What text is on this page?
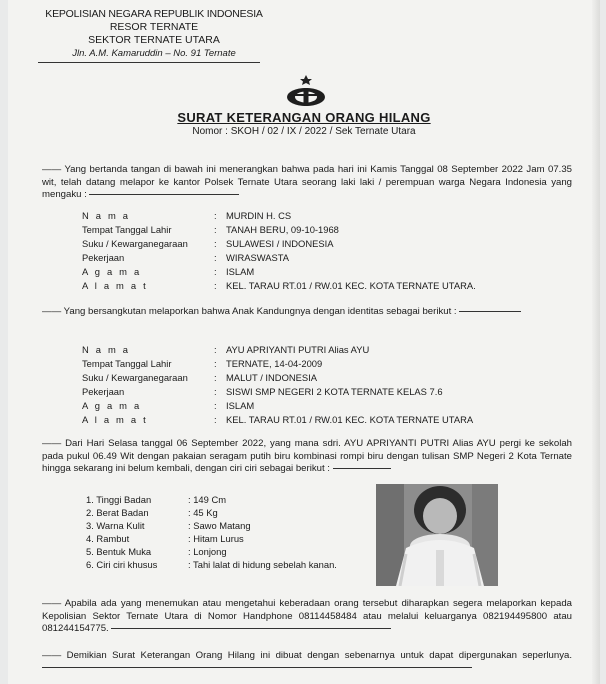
KEPOLISIAN NEGARA REPUBLIK INDONESIA
RESOR TERNATE
SEKTOR TERNATE UTARA
Jln. A.M. Kamaruddin – No. 91 Ternate
SURAT KETERANGAN ORANG HILANG
Nomor : SKOH / 02 / IX / 2022 / Sek Ternate Utara
—— Yang bertanda tangan di bawah ini menerangkan bahwa pada hari ini Kamis Tanggal 08 September 2022 Jam 07.35 wit, telah datang melapor ke kantor Polsek Ternate Utara seorang laki laki / perempuan warga Negara Indonesia yang mengaku :
N a m a	: MURDIN H. CS
Tempat Tanggal Lahir	: TANAH BERU, 09-10-1968
Suku / Kewarganegaraan	: SULAWESI / INDONESIA
Pekerjaan	: WIRASWASTA
A g a m a	: ISLAM
A l a m a t	: KEL. TARAU RT.01 / RW.01 KEC. KOTA TERNATE UTARA.
—— Yang bersangkutan melaporkan bahwa Anak Kandungnya dengan identitas sebagai berikut :
N a m a	: AYU APRIYANTI PUTRI Alias AYU
Tempat Tanggal Lahir	: TERNATE, 14-04-2009
Suku / Kewarganegaraan	: MALUT / INDONESIA
Pekerjaan	: SISWI SMP NEGERI 2 KOTA TERNATE KELAS 7.6
A g a m a	: ISLAM
A l a m a t	: KEL. TARAU RT.01 / RW.01 KEC. KOTA TERNATE UTARA
—— Dari Hari Selasa tanggal 06 September 2022, yang mana sdri. AYU APRIYANTI PUTRI Alias AYU pergi ke sekolah pada pukul 06.49 Wit dengan pakaian seragam putih biru kombinasi rompi biru dengan tulisan SMP Negeri 2 Kota Ternate hingga sekarang ini belum kembali, dengan ciri ciri sebagai berikut :
1. Tinggi Badan	: 149 Cm
2. Berat Badan	: 45 Kg
3. Warna Kulit	: Sawo Matang
4. Rambut	: Hitam Lurus
5. Bentuk Muka	: Lonjong
6. Ciri ciri khusus	: Tahi lalat di hidung sebelah kanan.
—— Apabila ada yang menemukan atau mengetahui keberadaan orang tersebut diharapkan segera melaporkan kepada Kepolisian Sektor Ternate Utara di Nomor Handphone 08114458484 atau melalui keluarganya 082194495800 atau 081244154775.
—— Demikian Surat Keterangan Orang Hilang ini dibuat dengan sebenarnya untuk dapat dipergunakan seperlunya.
